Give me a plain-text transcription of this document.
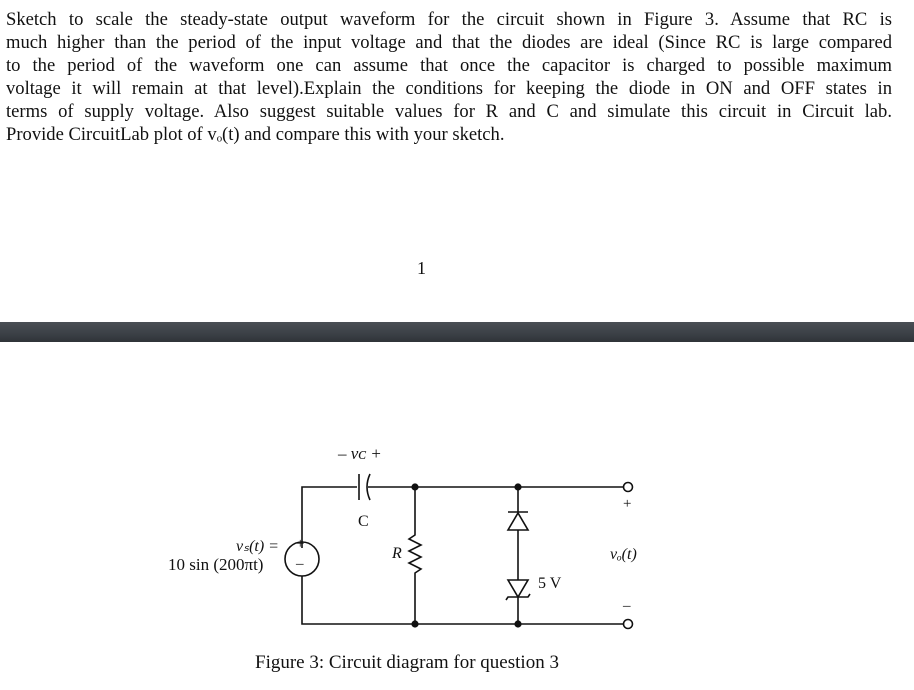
Sketch to scale the steady-state output waveform for the circuit shown in Figure 3. Assume that RC is
much higher than the period of the input voltage and that the diodes are ideal (Since RC is large compared
to the period of the waveform one can assume that once the capacitor is charged to possible maximum
voltage it will remain at that level).Explain the conditions for keeping the diode in ON and OFF states in
terms of supply voltage. Also suggest suitable values for R and C and simulate this circuit in Circuit lab.
Provide CircuitLab plot of vₒ(t) and compare this with your sketch.
1
vₛ(t) =
10 sin (200πt)
+
–
– vᴄ +
C
R
5 V
+
vₒ(t)
–
Figure 3: Circuit diagram for question 3
